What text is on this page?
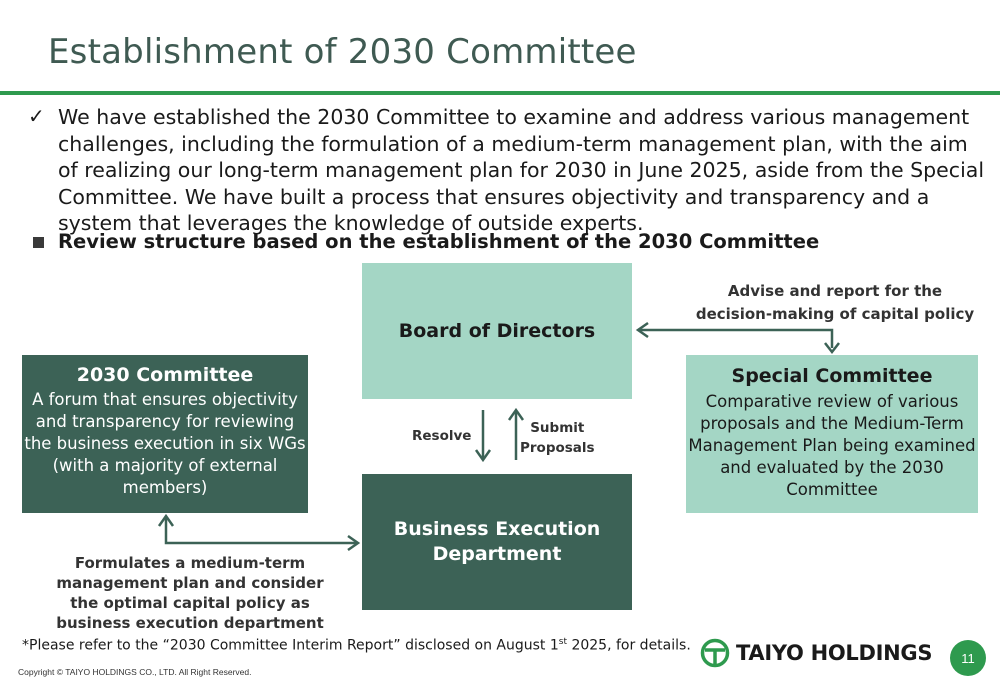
Establishment of 2030 Committee
✓ We have established the 2030 Committee to examine and address various management challenges, including the formulation of a medium-term management plan, with the aim of realizing our long-term management plan for 2030 in June 2025, aside from the Special Committee. We have built a process that ensures objectivity and transparency and a system that leverages the knowledge of outside experts.
Review structure based on the establishment of the 2030 Committee
Board of Directors
Business Execution
Department
2030 Committee
A forum that ensures objectivity and transparency for reviewing the business execution in six WGs (with a majority of external members)
Special Committee
Comparative review of various proposals and the Medium-Term Management Plan being examined and evaluated by the 2030 Committee
Advise and report for the
decision-making of capital policy
Resolve	Submit
Proposals
Formulates a medium-term management plan and consider the optimal capital policy as business execution department
*Please refer to the “2030 Committee Interim Report” disclosed on August 1st 2025, for details.
Copyright © TAIYO HOLDINGS CO., LTD. All Right Reserved.
TAIYO HOLDINGS	11
